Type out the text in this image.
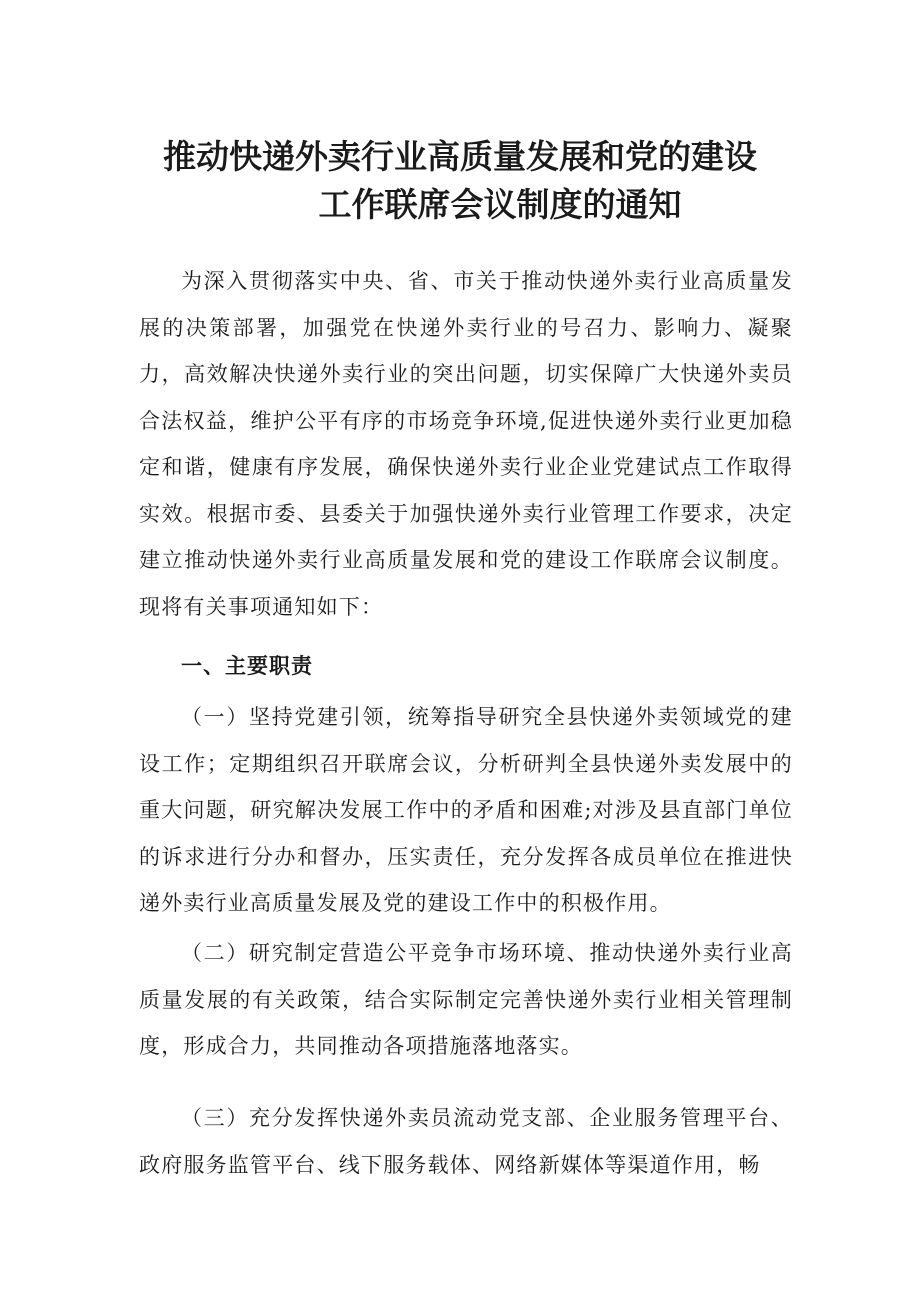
推动快递外卖行业高质量发展和党的建设
工作联席会议制度的通知

为深入贯彻落实中央、省、市关于推动快递外卖行业高质量发展的决策部署，加强党在快递外卖行业的号召力、影响力、凝聚力，高效解决快递外卖行业的突出问题，切实保障广大快递外卖员合法权益，维护公平有序的市场竞争环境,促进快递外卖行业更加稳定和谐，健康有序发展，确保快递外卖行业企业党建试点工作取得实效。根据市委、县委关于加强快递外卖行业管理工作要求，决定建立推动快递外卖行业高质量发展和党的建设工作联席会议制度。现将有关事项通知如下：

一、主要职责

（一）坚持党建引领，统筹指导研究全县快递外卖领域党的建设工作；定期组织召开联席会议，分析研判全县快递外卖发展中的重大问题，研究解决发展工作中的矛盾和困难;对涉及县直部门单位的诉求进行分办和督办，压实责任，充分发挥各成员单位在推进快递外卖行业高质量发展及党的建设工作中的积极作用。

（二）研究制定营造公平竞争市场环境、推动快递外卖行业高质量发展的有关政策，结合实际制定完善快递外卖行业相关管理制度，形成合力，共同推动各项措施落地落实。

（三）充分发挥快递外卖员流动党支部、企业服务管理平台、政府服务监管平台、线下服务载体、网络新媒体等渠道作用，畅
